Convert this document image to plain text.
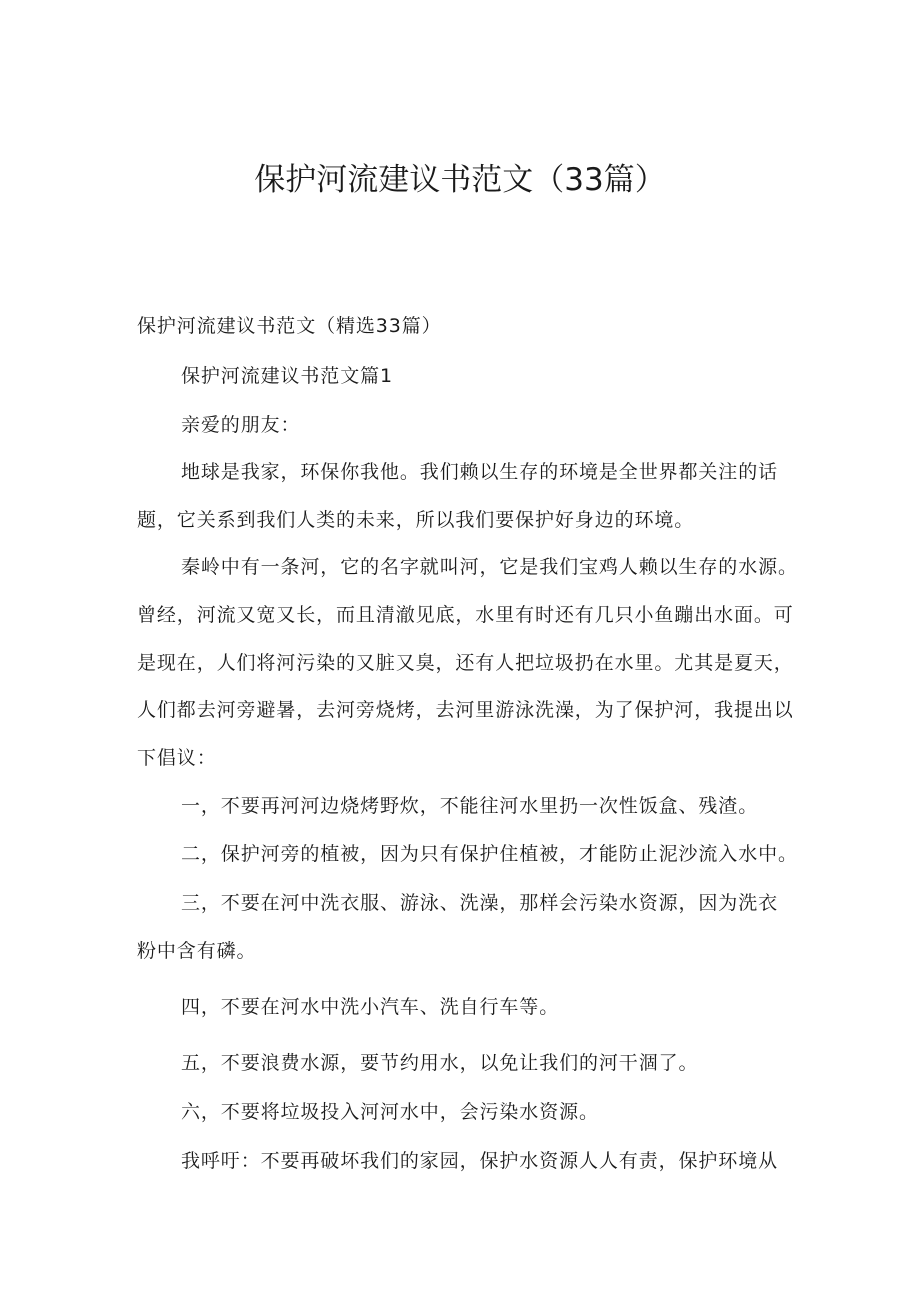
保护河流建议书范文（33篇）

保护河流建议书范文（精选33篇）

保护河流建议书范文篇1

亲爱的朋友：

地球是我家，环保你我他。我们赖以生存的环境是全世界都关注的话

题，它关系到我们人类的未来，所以我们要保护好身边的环境。

秦岭中有一条河，它的名字就叫河，它是我们宝鸡人赖以生存的水源。

曾经，河流又宽又长，而且清澈见底，水里有时还有几只小鱼蹦出水面。可

是现在，人们将河污染的又脏又臭，还有人把垃圾扔在水里。尤其是夏天，

人们都去河旁避暑，去河旁烧烤，去河里游泳洗澡，为了保护河，我提出以

下倡议：

一，不要再河河边烧烤野炊，不能往河水里扔一次性饭盒、残渣。

二，保护河旁的植被，因为只有保护住植被，才能防止泥沙流入水中。

三，不要在河中洗衣服、游泳、洗澡，那样会污染水资源，因为洗衣

粉中含有磷。

四，不要在河水中洗小汽车、洗自行车等。

五，不要浪费水源，要节约用水，以免让我们的河干涸了。

六，不要将垃圾投入河河水中，会污染水资源。

我呼吁：不要再破坏我们的家园，保护水资源人人有责，保护环境从
